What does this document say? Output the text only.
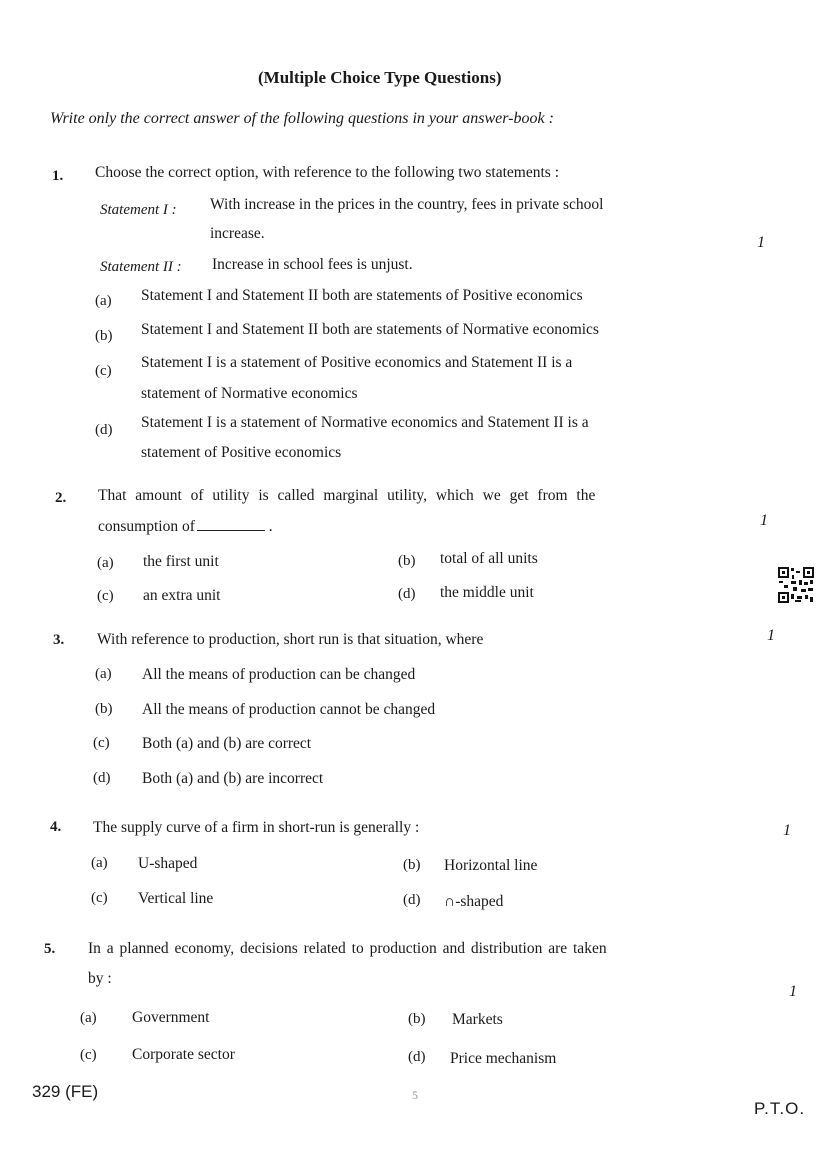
(Multiple Choice Type Questions)
Write only the correct answer of the following questions in your answer-book :
1. Choose the correct option, with reference to the following two statements :
Statement I : With increase in the prices in the country, fees in private school
increase.
1
Statement II : Increase in school fees is unjust.
(a) Statement I and Statement II both are statements of Positive economics
(b) Statement I and Statement II both are statements of Normative economics
(c) Statement I is a statement of Positive economics and Statement II is a
statement of Normative economics
(d) Statement I is a statement of Normative economics and Statement II is a
statement of Positive economics
2. That amount of utility is called marginal utility, which we get from the
consumption of	.	1
(a) the first unit	(b) total of all units
(c) an extra unit	(d) the middle unit
3. With reference to production, short run is that situation, where	1
(a) All the means of production can be changed
(b) All the means of production cannot be changed
(c) Both (a) and (b) are correct
(d) Both (a) and (b) are incorrect
4. The supply curve of a firm in short-run is generally :	1
(a) U-shaped	(b) Horizontal line
(c) Vertical line	(d) ∩-shaped
5. In a planned economy, decisions related to production and distribution are taken
by :
1
(a) Government	(b) Markets
(c) Corporate sector	(d) Price mechanism
329 (FE)	5
P.T.O.
